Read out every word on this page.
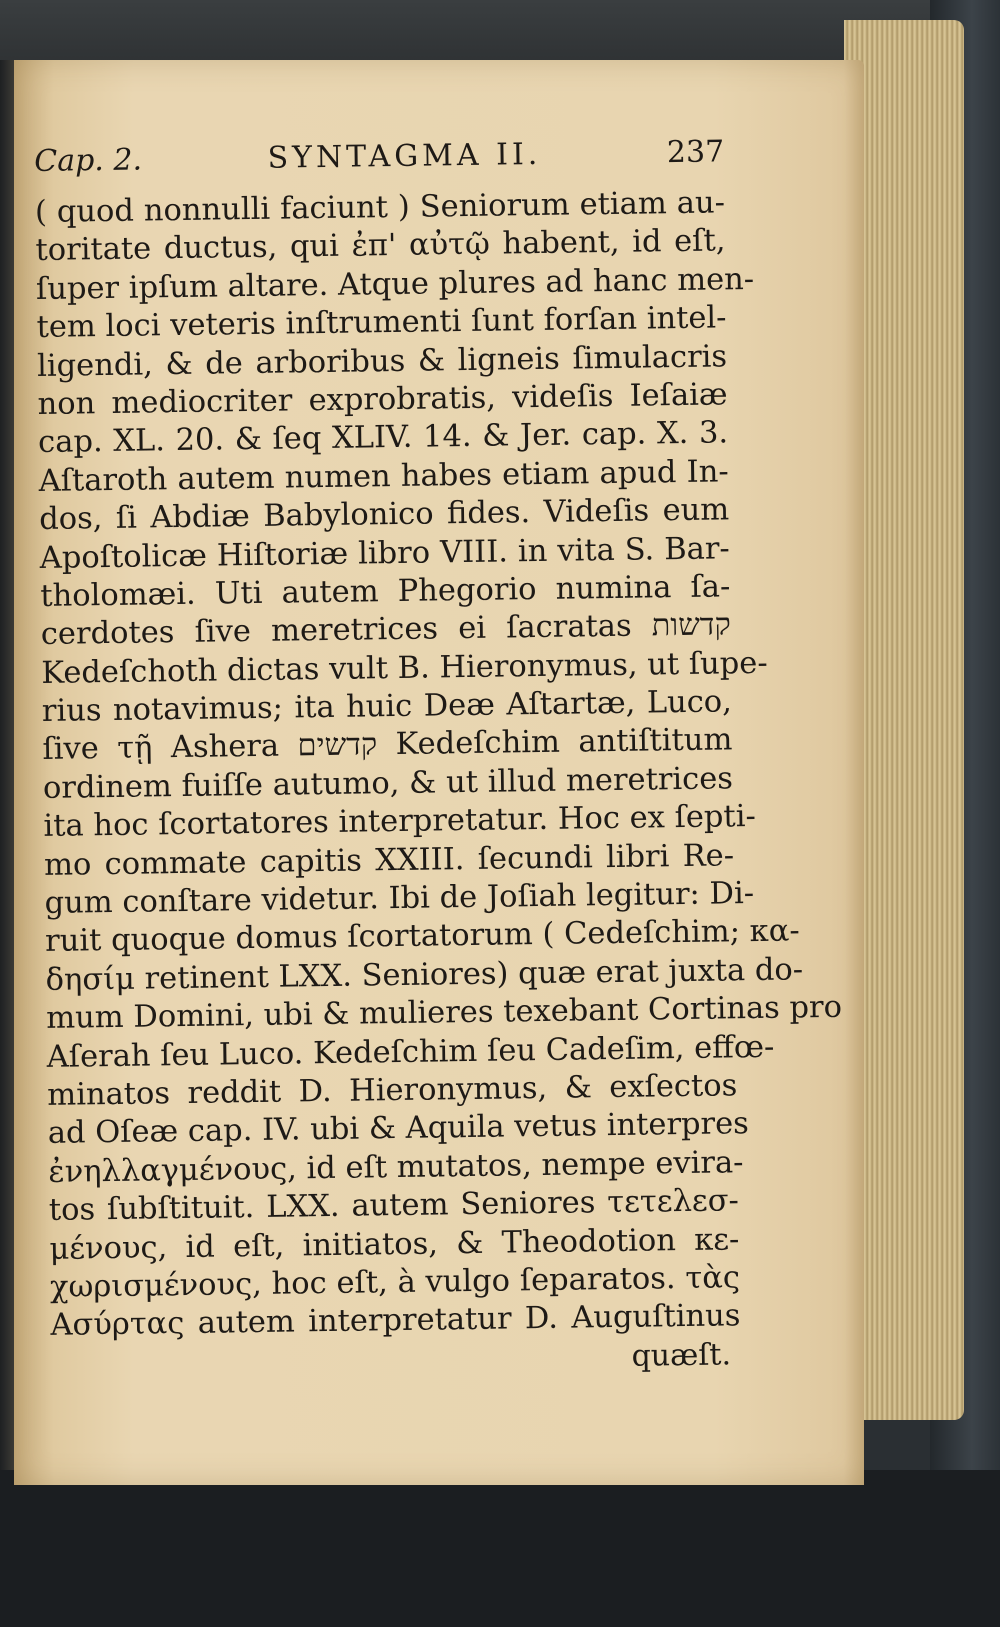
Cap. 2.	SYNTAGMA II.	237
( quod nonnulli faciunt ) Seniorum etiam au-
toritate ductus, qui ἐπ' αὐτῷ habent, id eſt,
ſuper ipſum altare. Atque plures ad hanc men-
tem loci veteris inſtrumenti ſunt forſan intel-
ligendi, & de arboribus & ligneis ſimulacris
non mediocriter exprobratis, videſis Ieſaiæ
cap. XL. 20. & ſeq XLIV. 14. & Jer. cap. X. 3.
Aſtaroth autem numen habes etiam apud In-
dos, ſi Abdiæ Babylonico fides. Videſis eum
Apoſtolicæ Hiſtoriæ libro VIII. in vita S. Bar-
tholomæi. Uti autem Phegorio numina ſa-
cerdotes ſive meretrices ei ſacratas קדשות
Kedeſchoth dictas vult B. Hieronymus, ut ſupe-
rius notavimus; ita huic Deæ Aſtartæ, Luco,
ſive τῇ Ashera קדשים Kedeſchim antiſtitum
ordinem fuiſſe autumo, & ut illud meretrices
ita hoc ſcortatores interpretatur. Hoc ex ſepti-
mo commate capitis XXIII. ſecundi libri Re-
gum conſtare videtur. Ibi de Joſiah legitur: Di-
ruit quoque domus ſcortatorum ( Cedeſchim; κα-
δησίμ retinent LXX. Seniores) quæ erat juxta do-
mum Domini, ubi & mulieres texebant Cortinas pro
Aſerah ſeu Luco. Kedeſchim ſeu Cadeſim, effœ-
minatos reddit D. Hieronymus, & exſectos
ad Oſeæ cap. IV. ubi & Aquila vetus interpres
ἐνηλλαγμένους, id eſt mutatos, nempe evira-
tos ſubſtituit. LXX. autem Seniores τετελεσ-
μένους, id eſt, initiatos, & Theodotion κε-
χωρισμένους, hoc eſt, à vulgo ſeparatos. τὰς
Ασύρτας autem interpretatur D. Auguſtinus
quæſt.
